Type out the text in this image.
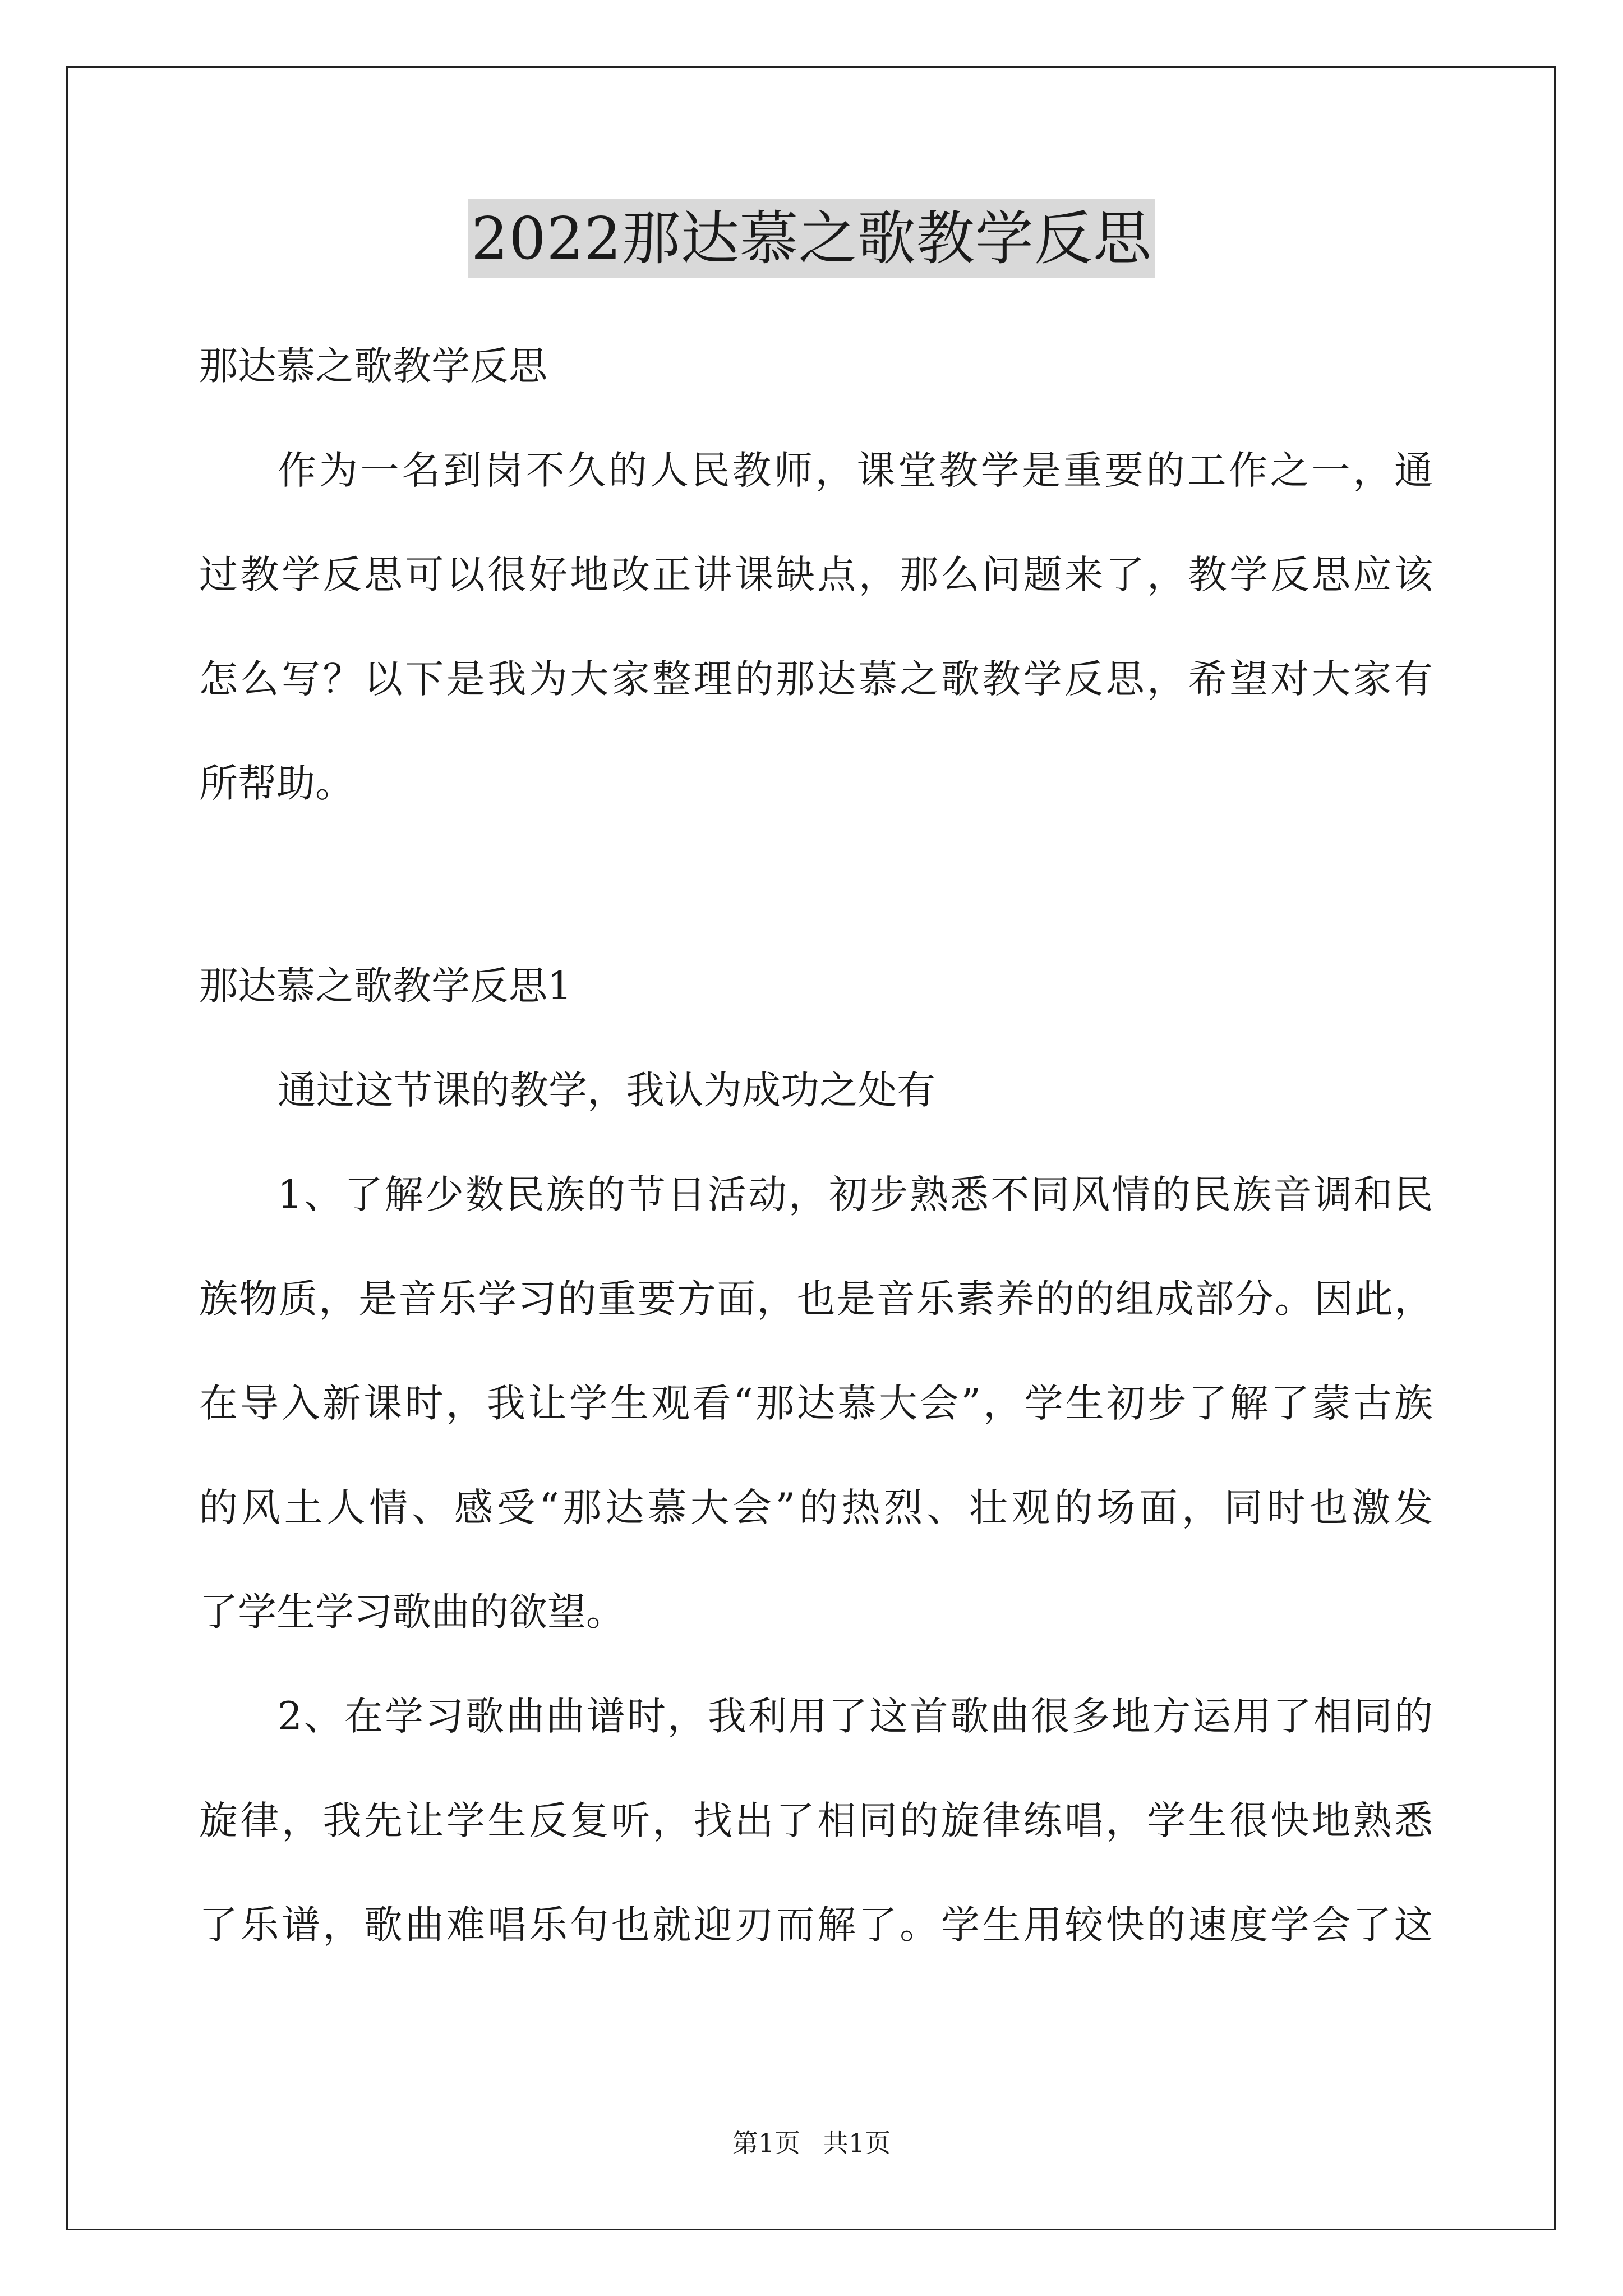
2022那达慕之歌教学反思
那达慕之歌教学反思
作为一名到岗不久的人民教师，课堂教学是重要的工作之一，通
过教学反思可以很好地改正讲课缺点，那么问题来了，教学反思应该
怎么写？以下是我为大家整理的那达慕之歌教学反思，希望对大家有
所帮助。
那达慕之歌教学反思1
通过这节课的教学，我认为成功之处有
1、了解少数民族的节日活动，初步熟悉不同风情的民族音调和民
族物质，是音乐学习的重要方面，也是音乐素养的的组成部分。因此，
在导入新课时，我让学生观看“那达慕大会”，学生初步了解了蒙古族
的风土人情、感受“那达慕大会”的热烈、壮观的场面，同时也激发
了学生学习歌曲的欲望。
2、在学习歌曲曲谱时，我利用了这首歌曲很多地方运用了相同的
旋律，我先让学生反复听，找出了相同的旋律练唱，学生很快地熟悉
了乐谱，歌曲难唱乐句也就迎刃而解了。学生用较快的速度学会了这
第1页 共1页
